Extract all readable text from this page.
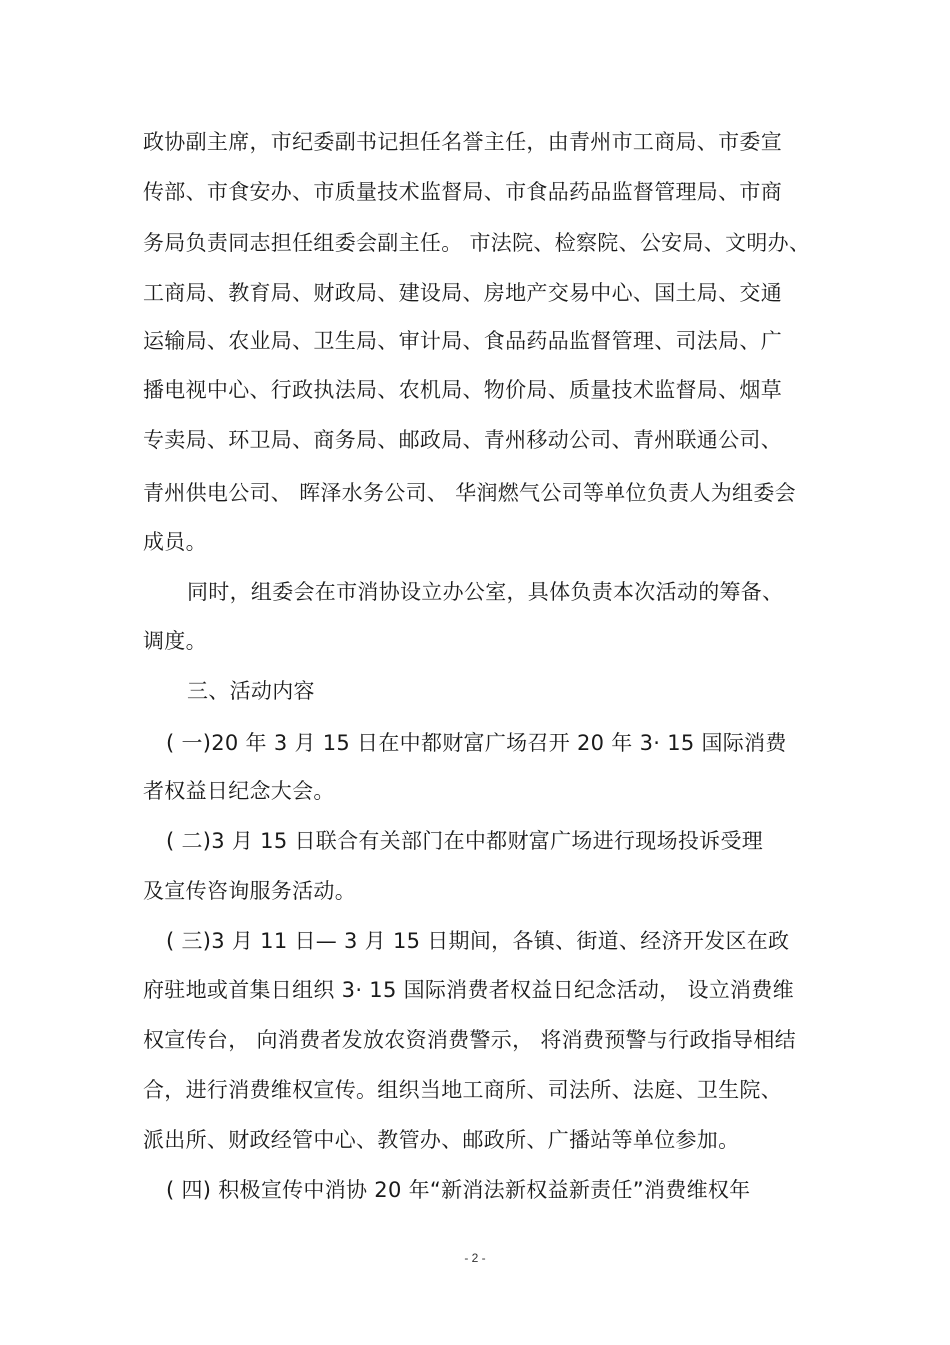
政协副主席，市纪委副书记担任名誉主任，由青州市工商局、市委宣
传部、市食安办、市质量技术监督局、市食品药品监督管理局、市商
务局负责同志担任组委会副主任。 市法院、检察院、公安局、文明办、
工商局、教育局、财政局、建设局、房地产交易中心、国土局、交通
运输局、农业局、卫生局、审计局、食品药品监督管理、司法局、广
播电视中心、行政执法局、农机局、物价局、质量技术监督局、烟草
专卖局、环卫局、商务局、邮政局、青州移动公司、青州联通公司、
青州供电公司、 晖泽水务公司、 华润燃气公司等单位负责人为组委会
成员。
同时，组委会在市消协设立办公室，具体负责本次活动的筹备、
调度。
三、活动内容
( 一)20 年 3 月 15 日在中都财富广场召开 20 年 3· 15 国际消费
者权益日纪念大会。
( 二)3 月 15 日联合有关部门在中都财富广场进行现场投诉受理
及宣传咨询服务活动。
( 三)3 月 11 日— 3 月 15 日期间，各镇、街道、经济开发区在政
府驻地或首集日组织 3· 15 国际消费者权益日纪念活动， 设立消费维
权宣传台， 向消费者发放农资消费警示， 将消费预警与行政指导相结
合，进行消费维权宣传。组织当地工商所、司法所、法庭、卫生院、
派出所、财政经管中心、教管办、邮政所、广播站等单位参加。
( 四) 积极宣传中消协 20 年“新消法新权益新责任”消费维权年
- 2 -
